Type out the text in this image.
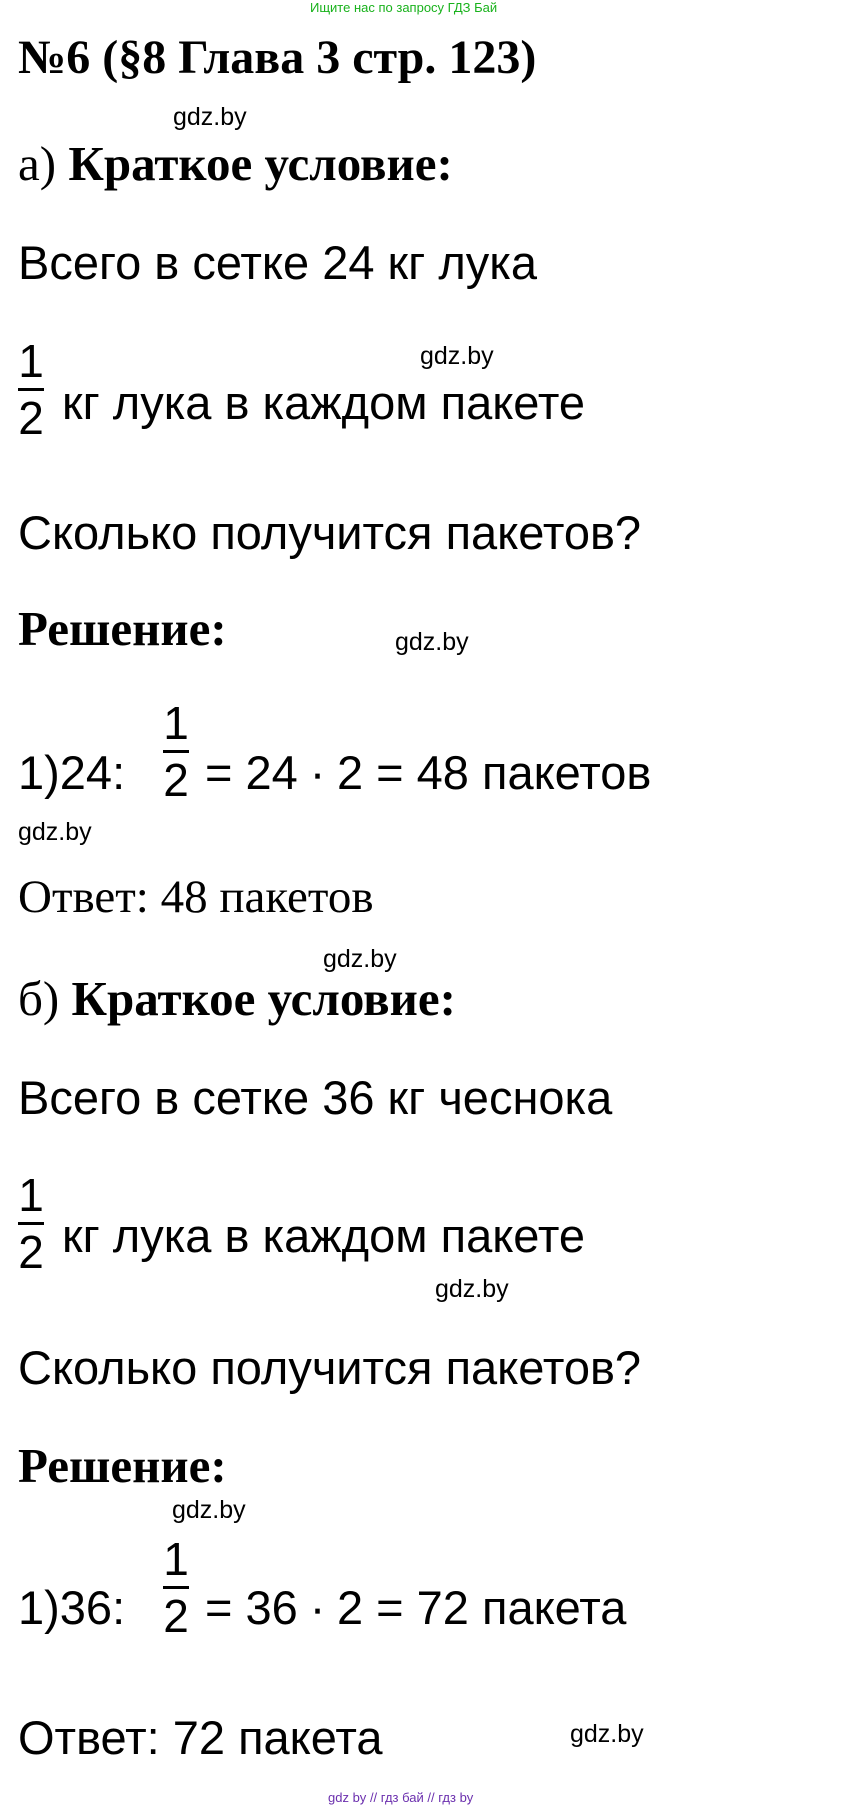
Ищите нас по запросу ГДЗ Бай
№6 (§8 Глава 3 стр. 123)
gdz.by
gdz.by
gdz.by
gdz.by
gdz.by
gdz.by
gdz.by
gdz.by
а) Краткое условие:
Всего в сетке 24 кг лука
1
2 кг лука в каждом пакете
Сколько получится пакетов?
Решение:
1)24:
1
2 = 24 ∙ 2 = 48 пакетов
Ответ: 48 пакетов
б) Краткое условие:
Всего в сетке 36 кг чеснока
1
2 кг лука в каждом пакете
Сколько получится пакетов?
Решение:
1)36:
1
2 = 36 ∙ 2 = 72 пакета
Ответ: 72 пакета
gdz by // гдз бай // гдз by
